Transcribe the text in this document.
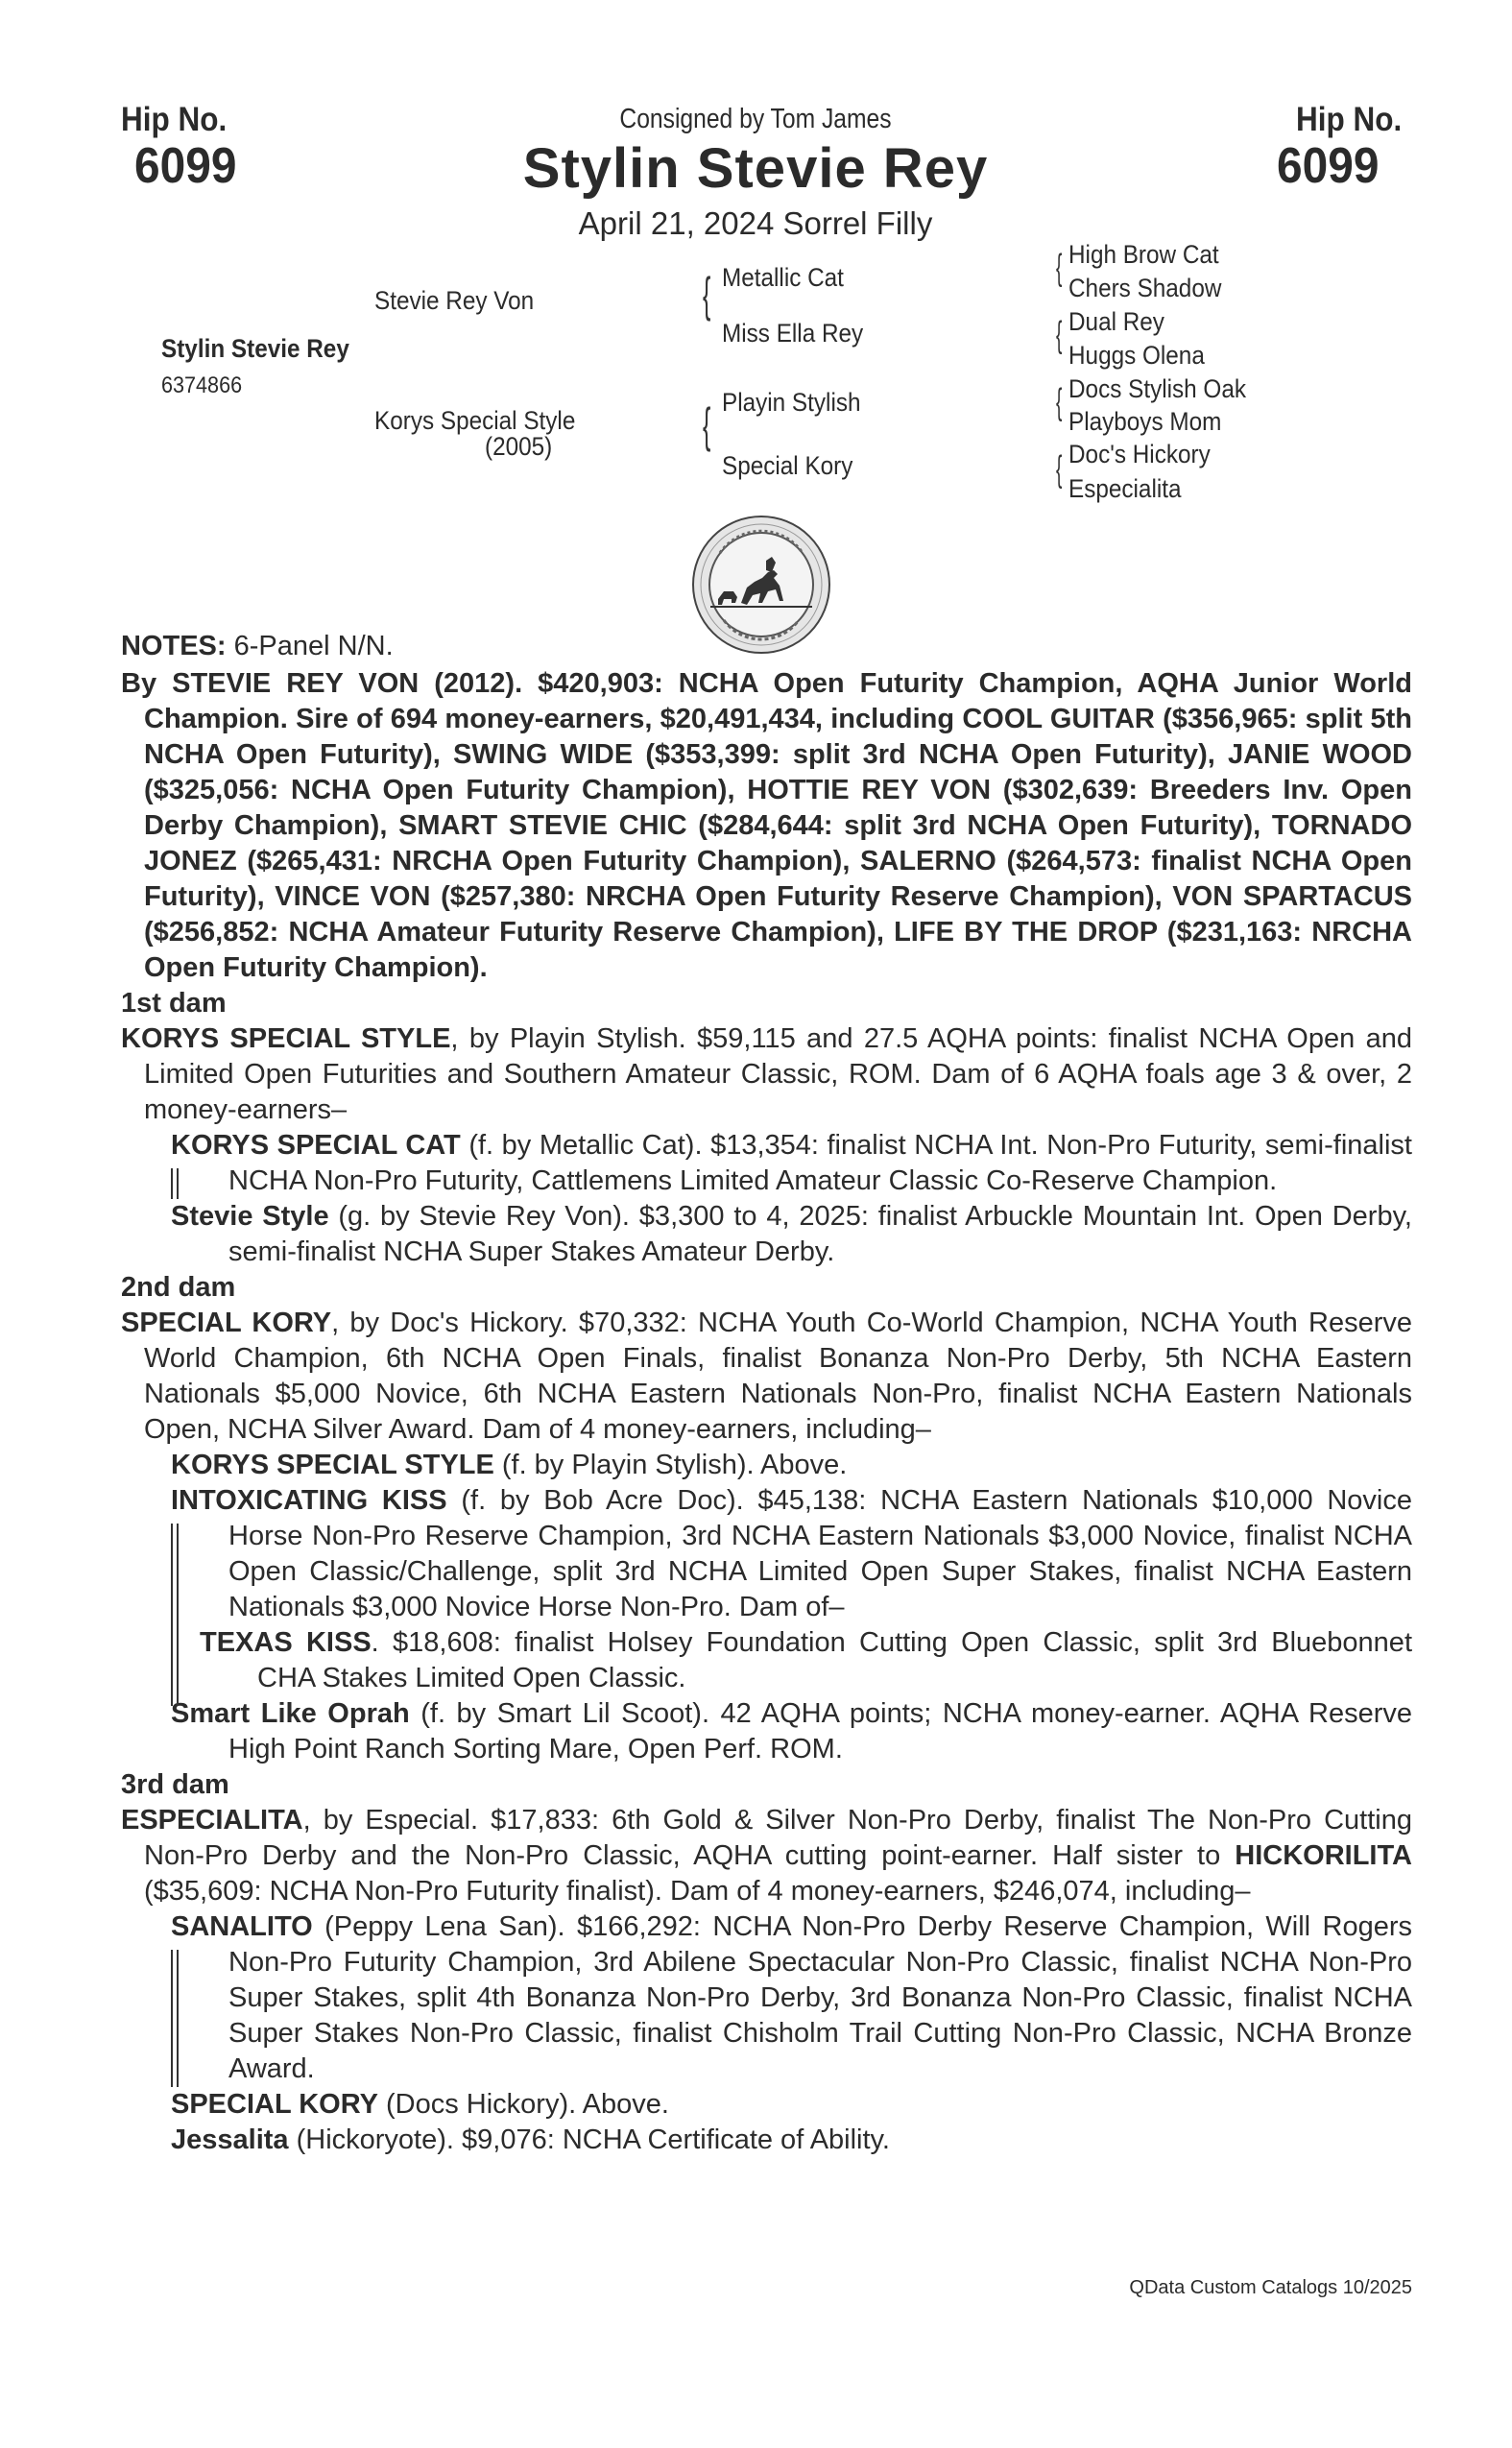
Hip No.
6099
Hip No.
6099
Consigned by Tom James
Stylin Stevie Rey
April 21, 2024 Sorrel Filly
Stylin Stevie Rey
6374866
Stevie Rey Von
Korys Special Style
(2005)
{ Metallic Cat
Miss Ella Rey
{ Playin Stylish
Special Kory
{ High Brow Cat
Chers Shadow
{ Dual Rey
Huggs Olena
{ Docs Stylish Oak
Playboys Mom
{ Doc's Hickory
Especialita
NOTES: 6-Panel N/N.
By STEVIE REY VON (2012). $420,903: NCHA Open Futurity Champion, AQHA Junior World Champion. Sire of 694 money-earners, $20,491,434, including COOL GUITAR ($356,965: split 5th NCHA Open Futurity), SWING WIDE ($353,399: split 3rd NCHA Open Futurity), JANIE WOOD ($325,056: NCHA Open Futurity Champion), HOTTIE REY VON ($302,639: Breeders Inv. Open Derby Champion), SMART STEVIE CHIC ($284,644: split 3rd NCHA Open Futurity), TORNADO JONEZ ($265,431: NRCHA Open Futurity Champion), SALERNO ($264,573: finalist NCHA Open Futurity), VINCE VON ($257,380: NRCHA Open Futurity Reserve Champion), VON SPARTACUS ($256,852: NCHA Amateur Futurity Reserve Champion), LIFE BY THE DROP ($231,163: NRCHA Open Futurity Champion).
1st dam
KORYS SPECIAL STYLE, by Playin Stylish. $59,115 and 27.5 AQHA points: finalist NCHA Open and Limited Open Futurities and Southern Amateur Classic, ROM. Dam of 6 AQHA foals age 3 & over, 2 money-earners–
KORYS SPECIAL CAT (f. by Metallic Cat). $13,354: finalist NCHA Int. Non-Pro Futurity, semi-finalist NCHA Non-Pro Futurity, Cattlemens Limited Amateur Classic Co-Reserve Champion.
Stevie Style (g. by Stevie Rey Von). $3,300 to 4, 2025: finalist Arbuckle Mountain Int. Open Derby, semi-finalist NCHA Super Stakes Amateur Derby.
2nd dam
SPECIAL KORY, by Doc's Hickory. $70,332: NCHA Youth Co-World Champion, NCHA Youth Reserve World Champion, 6th NCHA Open Finals, finalist Bonanza Non-Pro Derby, 5th NCHA Eastern Nationals $5,000 Novice, 6th NCHA Eastern Nationals Non-Pro, finalist NCHA Eastern Nationals Open, NCHA Silver Award. Dam of 4 money-earners, including–
KORYS SPECIAL STYLE (f. by Playin Stylish). Above.
INTOXICATING KISS (f. by Bob Acre Doc). $45,138: NCHA Eastern Nationals $10,000 Novice Horse Non-Pro Reserve Champion, 3rd NCHA Eastern Nationals $3,000 Novice, finalist NCHA Open Classic/Challenge, split 3rd NCHA Limited Open Super Stakes, finalist NCHA Eastern Nationals $3,000 Novice Horse Non-Pro. Dam of–
TEXAS KISS. $18,608: finalist Holsey Foundation Cutting Open Classic, split 3rd Bluebonnet CHA Stakes Limited Open Classic.
Smart Like Oprah (f. by Smart Lil Scoot). 42 AQHA points; NCHA money-earner. AQHA Reserve High Point Ranch Sorting Mare, Open Perf. ROM.
3rd dam
ESPECIALITA, by Especial. $17,833: 6th Gold & Silver Non-Pro Derby, finalist The Non-Pro Cutting Non-Pro Derby and the Non-Pro Classic, AQHA cutting point-earner. Half sister to HICKORILITA ($35,609: NCHA Non-Pro Futurity finalist). Dam of 4 money-earners, $246,074, including–
SANALITO (Peppy Lena San). $166,292: NCHA Non-Pro Derby Reserve Champion, Will Rogers Non-Pro Futurity Champion, 3rd Abilene Spectacular Non-Pro Classic, finalist NCHA Non-Pro Super Stakes, split 4th Bonanza Non-Pro Derby, 3rd Bonanza Non-Pro Classic, finalist NCHA Super Stakes Non-Pro Classic, finalist Chisholm Trail Cutting Non-Pro Classic, NCHA Bronze Award.
SPECIAL KORY (Docs Hickory). Above.
Jessalita (Hickoryote). $9,076: NCHA Certificate of Ability.
QData Custom Catalogs 10/2025
